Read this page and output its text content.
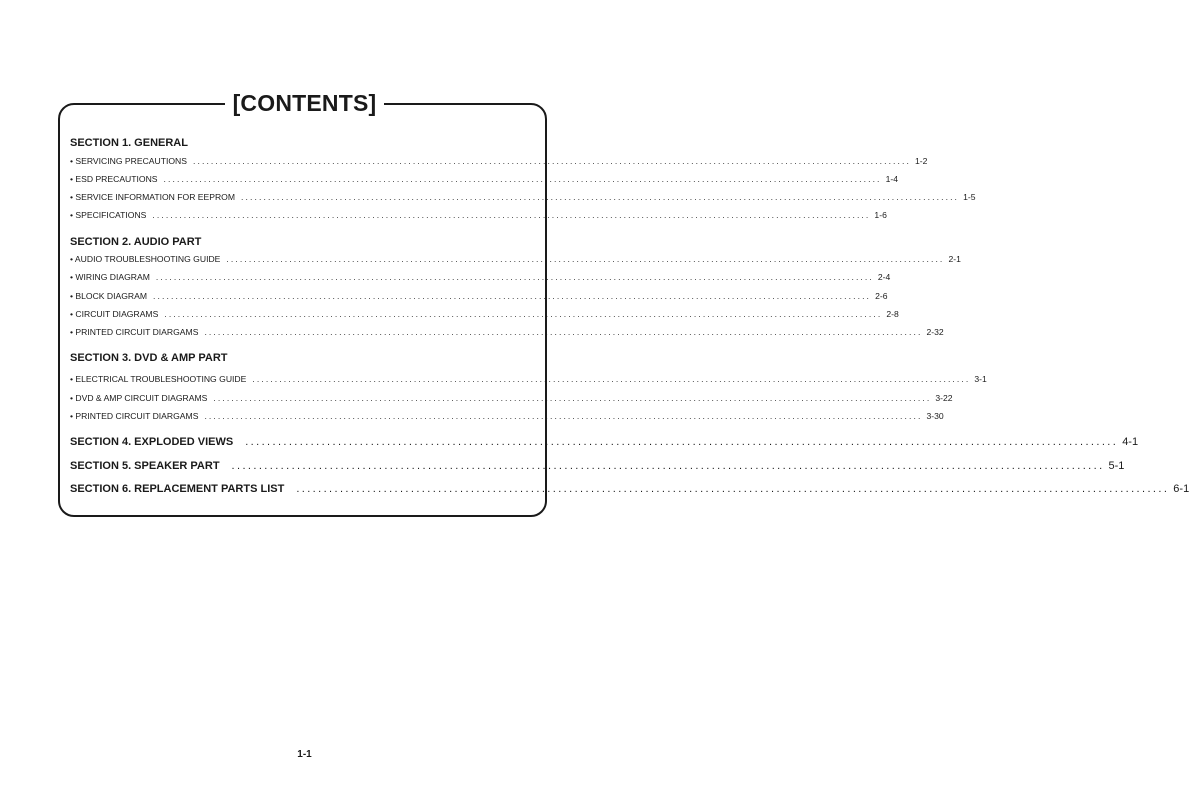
[CONTENTS]
SECTION 1. GENERAL
• SERVICING PRECAUTIONS ................................................................................................................................................................ 1-2
• ESD PRECAUTIONS ................................................................................................................................................................ 1-4
• SERVICE INFORMATION FOR EEPROM ................................................................................................................................................................ 1-5
• SPECIFICATIONS ................................................................................................................................................................ 1-6
SECTION 2. AUDIO PART
• AUDIO TROUBLESHOOTING GUIDE ................................................................................................................................................................ 2-1
• WIRING DIAGRAM ................................................................................................................................................................ 2-4
• BLOCK DIAGRAM ................................................................................................................................................................ 2-6
• CIRCUIT DIAGRAMS ................................................................................................................................................................ 2-8
• PRINTED CIRCUIT DIARGAMS ................................................................................................................................................................ 2-32
SECTION 3. DVD & AMP PART
• ELECTRICAL TROUBLESHOOTING GUIDE ................................................................................................................................................................ 3-1
• DVD & AMP CIRCUIT DIAGRAMS ................................................................................................................................................................ 3-22
• PRINTED CIRCUIT DIARGAMS ................................................................................................................................................................ 3-30
SECTION 4. EXPLODED VIEWS	................................................................................................................................................................ 4-1
SECTION 5. SPEAKER PART	................................................................................................................................................................ 5-1
SECTION 6. REPLACEMENT PARTS LIST	................................................................................................................................................................ 6-1
1-1
